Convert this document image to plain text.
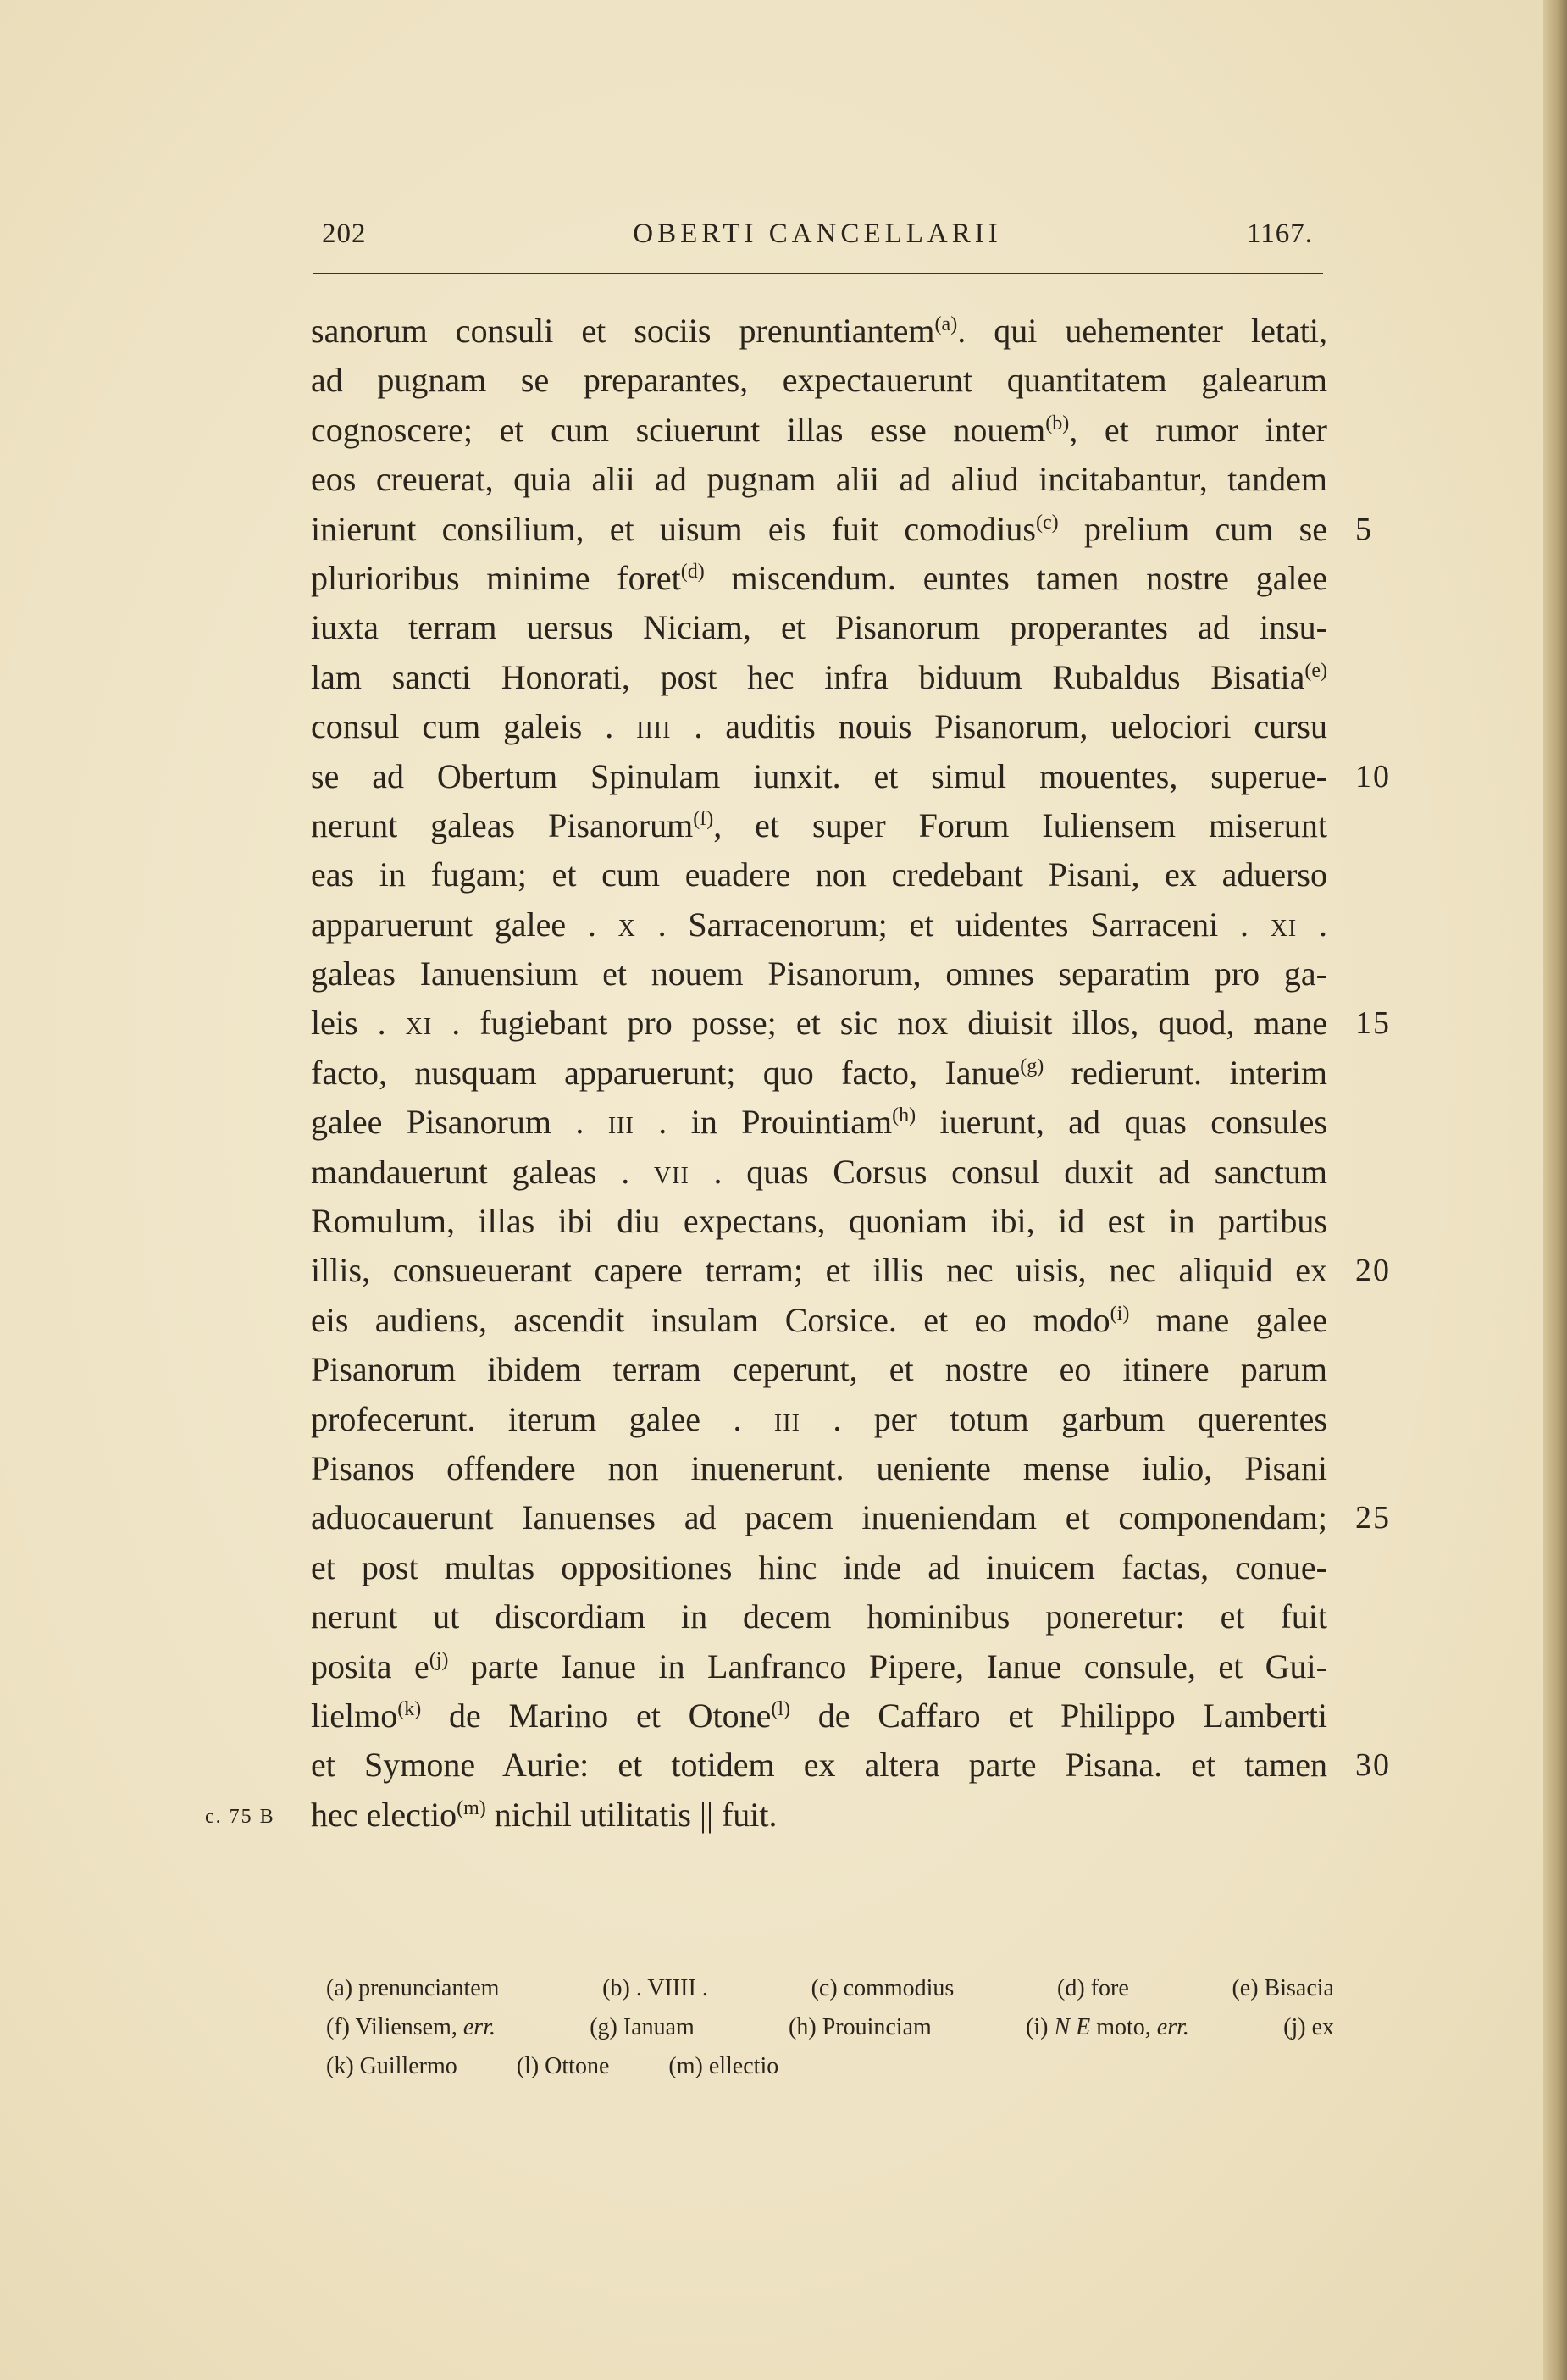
202	OBERTI CANCELLARII	1167.
sanorum consuli et sociis prenuntiantem$^{(a)}$. qui uehementer letati,
ad pugnam se preparantes, expectauerunt quantitatem galearum
cognoscere; et cum sciuerunt illas esse nouem$^{(b)}$, et rumor inter
eos creuerat, quia alii ad pugnam alii ad aliud incitabantur, tandem
inierunt consilium, et uisum eis fuit comodius$^{(c)}$ prelium cum se 5
plurioribus minime foret$^{(d)}$ miscendum. euntes tamen nostre galee
iuxta terram uersus Niciam, et Pisanorum properantes ad insu-
lam sancti Honorati, post hec infra biduum Rubaldus Bisatia$^{(e)}$
consul cum galeis . IIII . auditis nouis Pisanorum, uelociori cursu
se ad Obertum Spinulam iunxit. et simul mouentes, superue- 10
nerunt galeas Pisanorum$^{(f)}$, et super Forum Iuliensem miserunt
eas in fugam; et cum euadere non credebant Pisani, ex aduerso
apparuerunt galee . X . Sarracenorum; et uidentes Sarraceni . XI .
galeas Ianuensium et nouem Pisanorum, omnes separatim pro ga-
leis . XI . fugiebant pro posse; et sic nox diuisit illos, quod, mane 15
facto, nusquam apparuerunt; quo facto, Ianue$^{(g)}$ redierunt. interim
galee Pisanorum . III . in Prouintiam$^{(h)}$ iuerunt, ad quas consules
mandauerunt galeas . VII . quas Corsus consul duxit ad sanctum
Romulum, illas ibi diu expectans, quoniam ibi, id est in partibus
illis, consueuerant capere terram; et illis nec uisis, nec aliquid ex 20
eis audiens, ascendit insulam Corsice. et eo modo$^{(i)}$ mane galee
Pisanorum ibidem terram ceperunt, et nostre eo itinere parum
profecerunt. iterum galee . III . per totum garbum querentes
Pisanos offendere non inuenerunt. ueniente mense iulio, Pisani
aduocauerunt Ianuenses ad pacem inueniendam et componendam; 25
et post multas oppositiones hinc inde ad inuicem factas, conue-
nerunt ut discordiam in decem hominibus poneretur: et fuit
posita $e^{(j)}$ parte Ianue in Lanfranco Pipere, Ianue consule, et Gui-
lielmo$^{(k)}$ de Marino et Otone$^{(l)}$ de Caffaro et Philippo Lamberti
et Symone Aurie: et totidem ex altera parte Pisana. et tamen 30
hec electio$^{(m)}$ nichil utilitatis || fuit.
c. 75 B
(a) prenunciantem	(b) . VIIII .	(c) commodius	(d) fore	(e) Bisacia
(f) Viliensem, err.	(g) Ianuam	(h) Prouinciam	(i) N E moto, err.	(j) ex
(k) Guillermo	(l) Ottone	(m) ellectio
